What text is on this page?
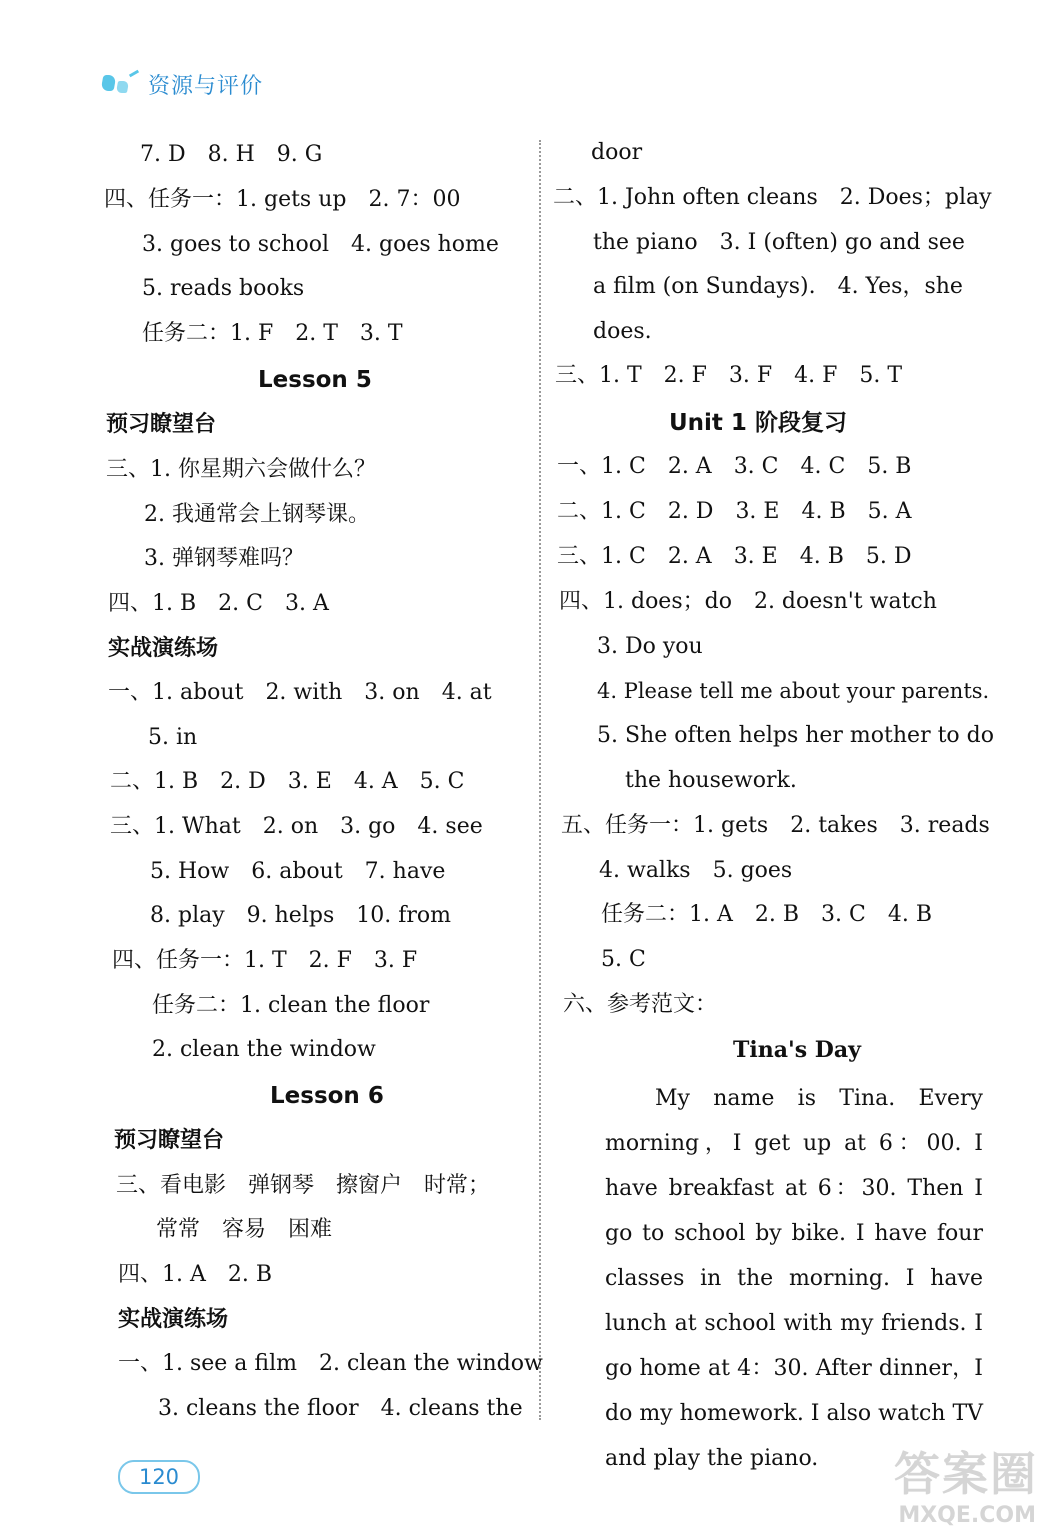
资源与评价
7. D　8. H　9. G
四、任务一：1. gets up　2. 7：00
3. goes to school　4. goes home
5. reads books
任务二：1. F　2. T　3. T
Lesson 5
预习瞭望台
三、1. 你星期六会做什么？
2. 我通常会上钢琴课。
3. 弹钢琴难吗？
四、1. B　2. C　3. A
实战演练场
一、1. about　2. with　3. on　4. at
5. in
二、1. B　2. D　3. E　4. A　5. C
三、1. What　2. on　3. go　4. see
5. How　6. about　7. have
8. play　9. helps　10. from
四、任务一：1. T　2. F　3. F
任务二：1. clean the floor
2. clean the window
Lesson 6
预习瞭望台
三、看电影　弹钢琴　擦窗户　时常；
常常　容易　困难
四、1. A　2. B
实战演练场
一、1. see a film　2. clean the window
3. cleans the floor　4. cleans the
door
二、1. John often cleans　2. Does；play
the piano　3. I (often) go and see
a film (on Sundays).　4. Yes，she
does.
三、1. T　2. F　3. F　4. F　5. T
Unit 1 阶段复习
一、1. C　2. A　3. C　4. C　5. B
二、1. C　2. D　3. E　4. B　5. A
三、1. C　2. A　3. E　4. B　5. D
四、1. does；do　2. doesn't watch
3. Do you
4. Please tell me about your parents.
5. She often helps her mother to do
the housework.
五、任务一：1. gets　2. takes　3. reads
4. walks　5. goes
任务二：1. A　2. B　3. C　4. B
5. C
六、参考范文：
Tina's Day
My name is Tina. Every morning，I get up at 6：00. I have breakfast at 6：30. Then I go to school by bike. I have four classes in the morning. I have lunch at school with my friends. I go home at 4：30. After dinner，I do my homework. I also watch TV and play the piano.
120	答案圈
MXQE.COM
